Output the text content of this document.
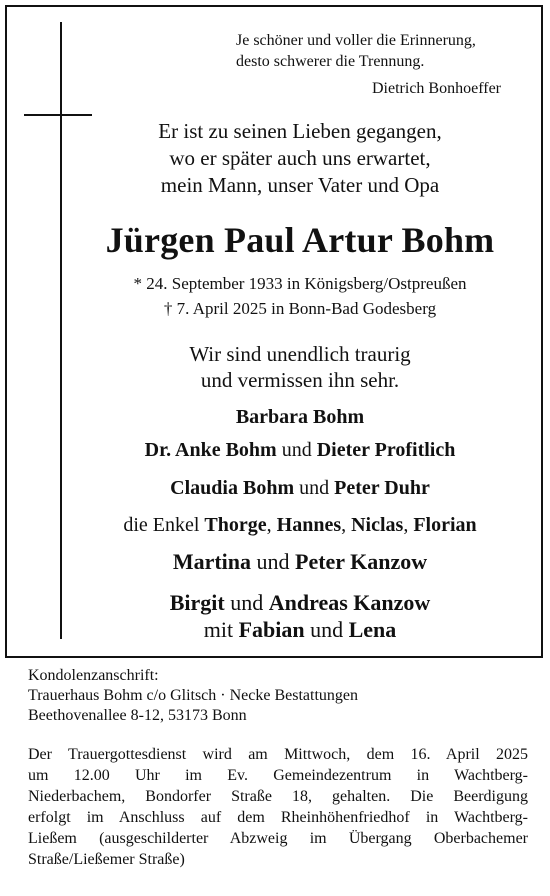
Je schöner und voller die Erinnerung,
desto schwerer die Trennung.
Dietrich Bonhoeffer
Er ist zu seinen Lieben gegangen,
wo er später auch uns erwartet,
mein Mann, unser Vater und Opa
Jürgen Paul Artur Bohm
* 24. September 1933 in Königsberg/Ostpreußen
† 7. April 2025 in Bonn-Bad Godesberg
Wir sind unendlich traurig
und vermissen ihn sehr.
Barbara Bohm
Dr. Anke Bohm und Dieter Profitlich
Claudia Bohm und Peter Duhr
die Enkel Thorge, Hannes, Niclas, Florian
Martina und Peter Kanzow
Birgit und Andreas Kanzow
mit Fabian und Lena
Kondolenzanschrift:
Trauerhaus Bohm c/o Glitsch · Necke Bestattungen
Beethovenallee 8-12, 53173 Bonn
Der Trauergottesdienst wird am Mittwoch, dem 16. April 2025
um 12.00 Uhr im Ev. Gemeindezentrum in Wachtberg-
Niederbachem, Bondorfer Straße 18, gehalten. Die Beerdigung
erfolgt im Anschluss auf dem Rheinhöhenfriedhof in Wachtberg-
Ließem (ausgeschilderter Abzweig im Übergang Oberbachemer
Straße/Ließemer Straße)
